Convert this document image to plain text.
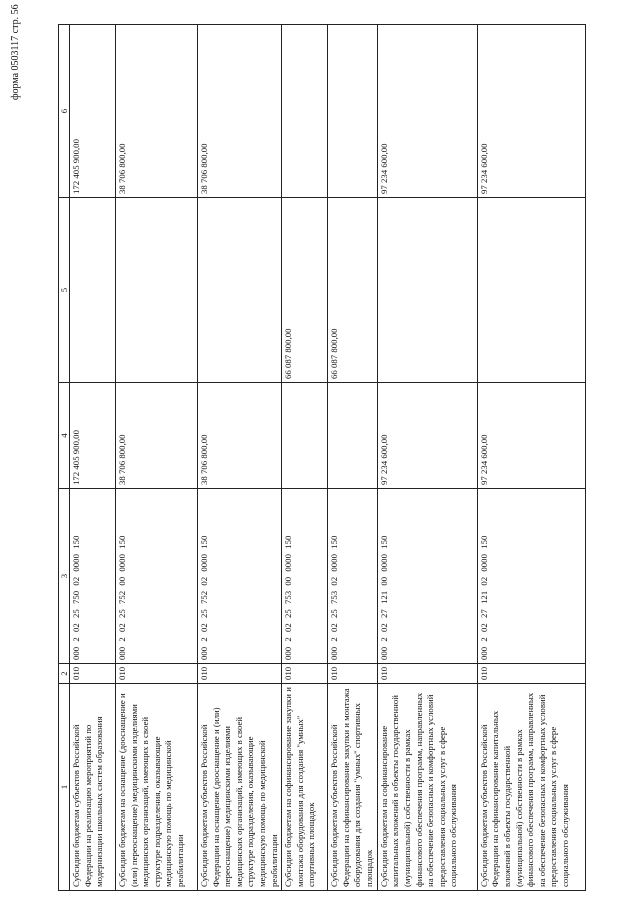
форма 0503117 стр. 56
1	2	3	4	5	6
Субсидии бюджетам субъектов Российской Федерации на реализацию мероприятий по модернизации школьных систем образования	010	000 2 02 25 750 02 0000 150	172 405 900,00		172 405 900,00
Субсидии бюджетам на оснащение (дооснащение и (или) переоснащение) медицинскими изделиями медицинских организаций, имеющих в своей структуре подразделения, оказывающие медицинскую помощь по медицинской реабилитации	010	000 2 02 25 752 00 0000 150	38 706 800,00		38 706 800,00
Субсидии бюджетам субъектов Российской Федерации на оснащение (дооснащение и (или) переоснащение) медицинскими изделиями медицинских организаций, имеющих в своей структуре подразделения, оказывающие медицинскую помощь по медицинской реабилитации	010	000 2 02 25 752 02 0000 150	38 706 800,00		38 706 800,00
Субсидии бюджетам на софинансирование закупки и монтажа оборудования для создания "умных" спортивных площадок	010	000 2 02 25 753 00 0000 150		66 087 800,00	
Субсидии бюджетам субъектов Российской Федерации на софинансирование закупки и монтажа оборудования для создания "умных" спортивных площадок	010	000 2 02 25 753 02 0000 150		66 087 800,00	
Субсидии бюджетам на софинансирование капитальных вложений в объекты государственной (муниципальной) собственности в рамках финансового обеспечения программ, направленных на обеспечение безопасных и комфортных условий предоставления социальных услуг в сфере социального обслуживания	010	000 2 02 27 121 00 0000 150	97 234 600,00		97 234 600,00
Субсидии бюджетам субъектов Российской Федерации на софинансирование капитальных вложений в объекты государственной (муниципальной) собственности в рамках финансового обеспечения программ, направленных на обеспечение безопасных и комфортных условий предоставления социальных услуг в сфере социального обслуживания	010	000 2 02 27 121 02 0000 150	97 234 600,00		97 234 600,00
